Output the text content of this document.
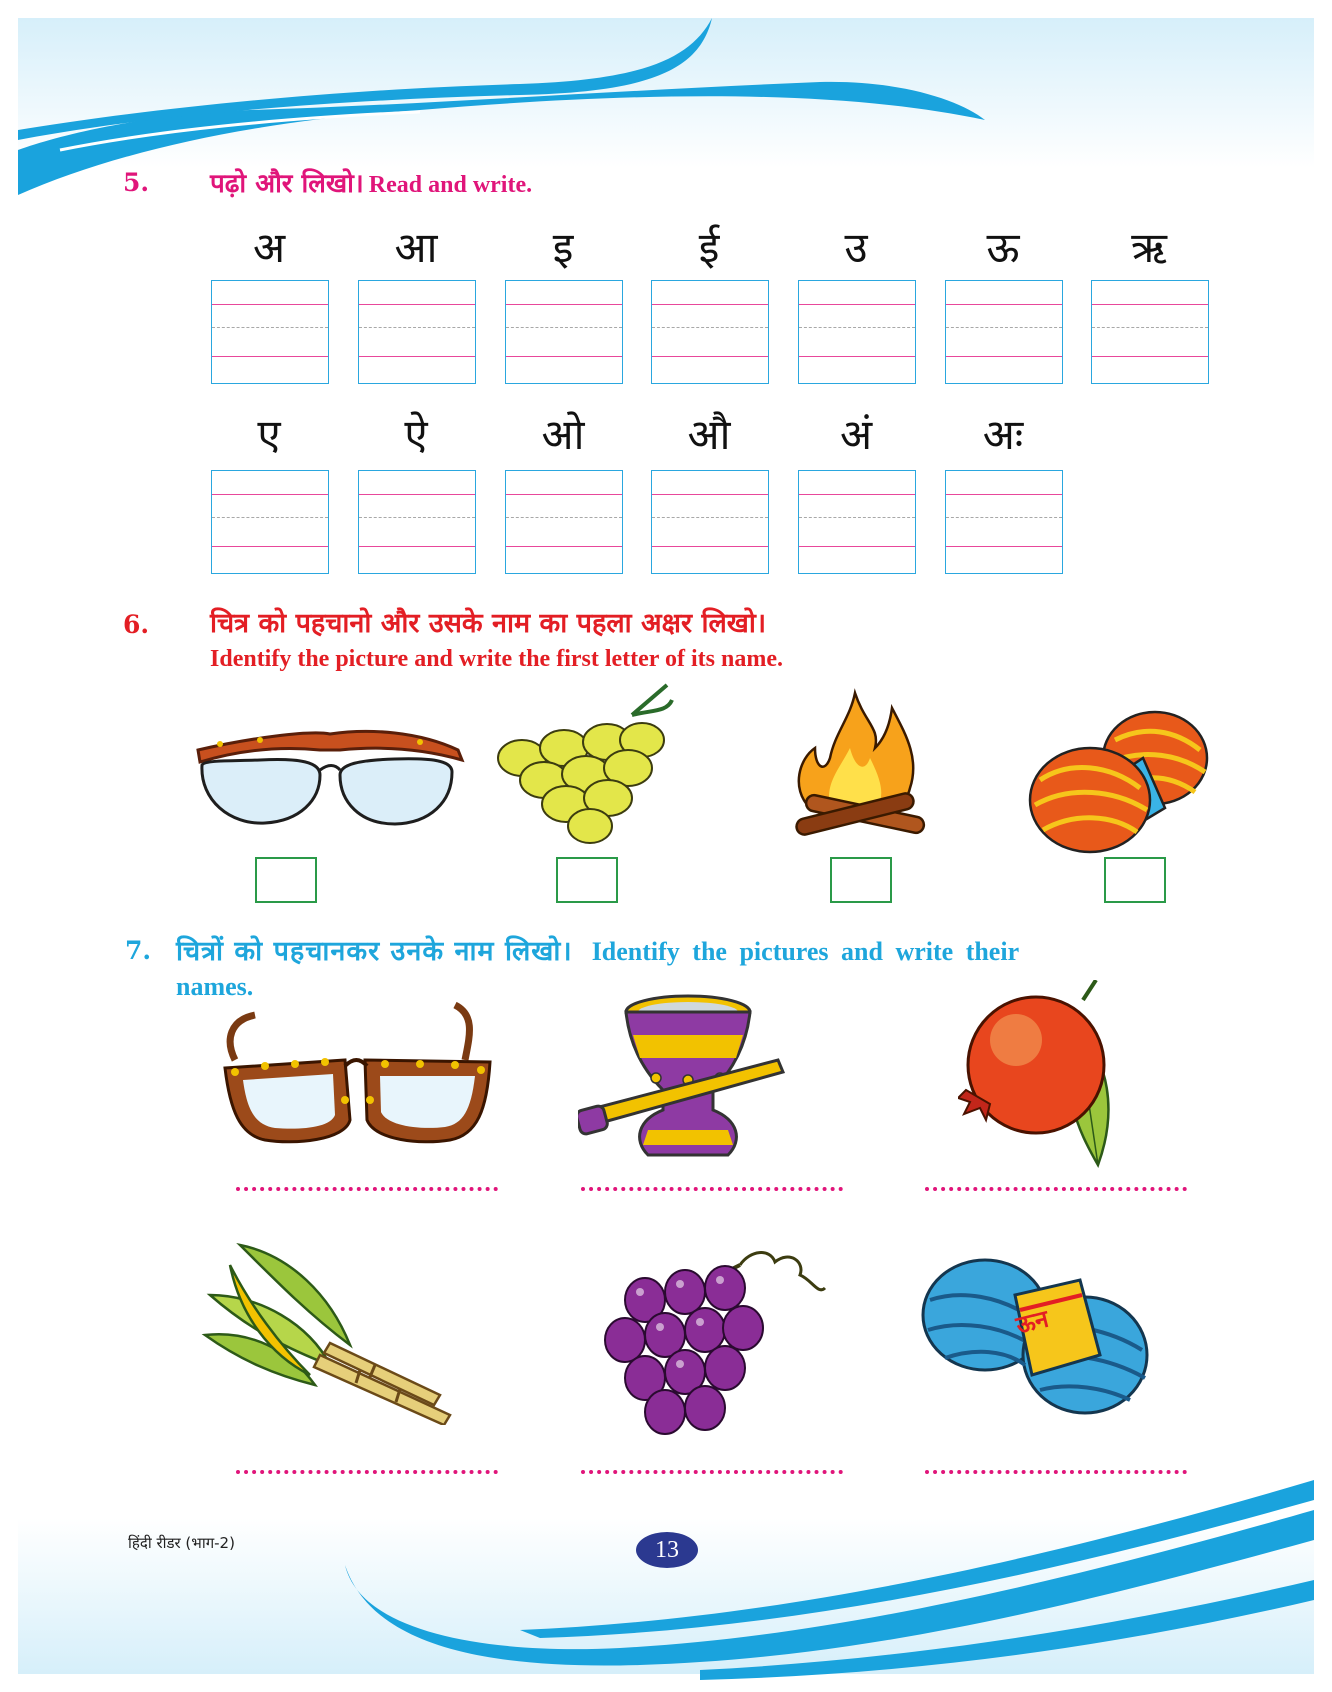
5. पढ़ो और लिखो। Read and write.
अ	आ	इ	ई	उ	ऊ	ऋ
ए	ऐ	ओ	औ	अं	अः
6. चित्र को पहचानो और उसके नाम का पहला अक्षर लिखो।
Identify the picture and write the first letter of its name.
7. चित्रों को पहचानकर उनके नाम लिखो। Identify the pictures and write their
names.
ऊन
हिंदी रीडर (भाग-2)	13
